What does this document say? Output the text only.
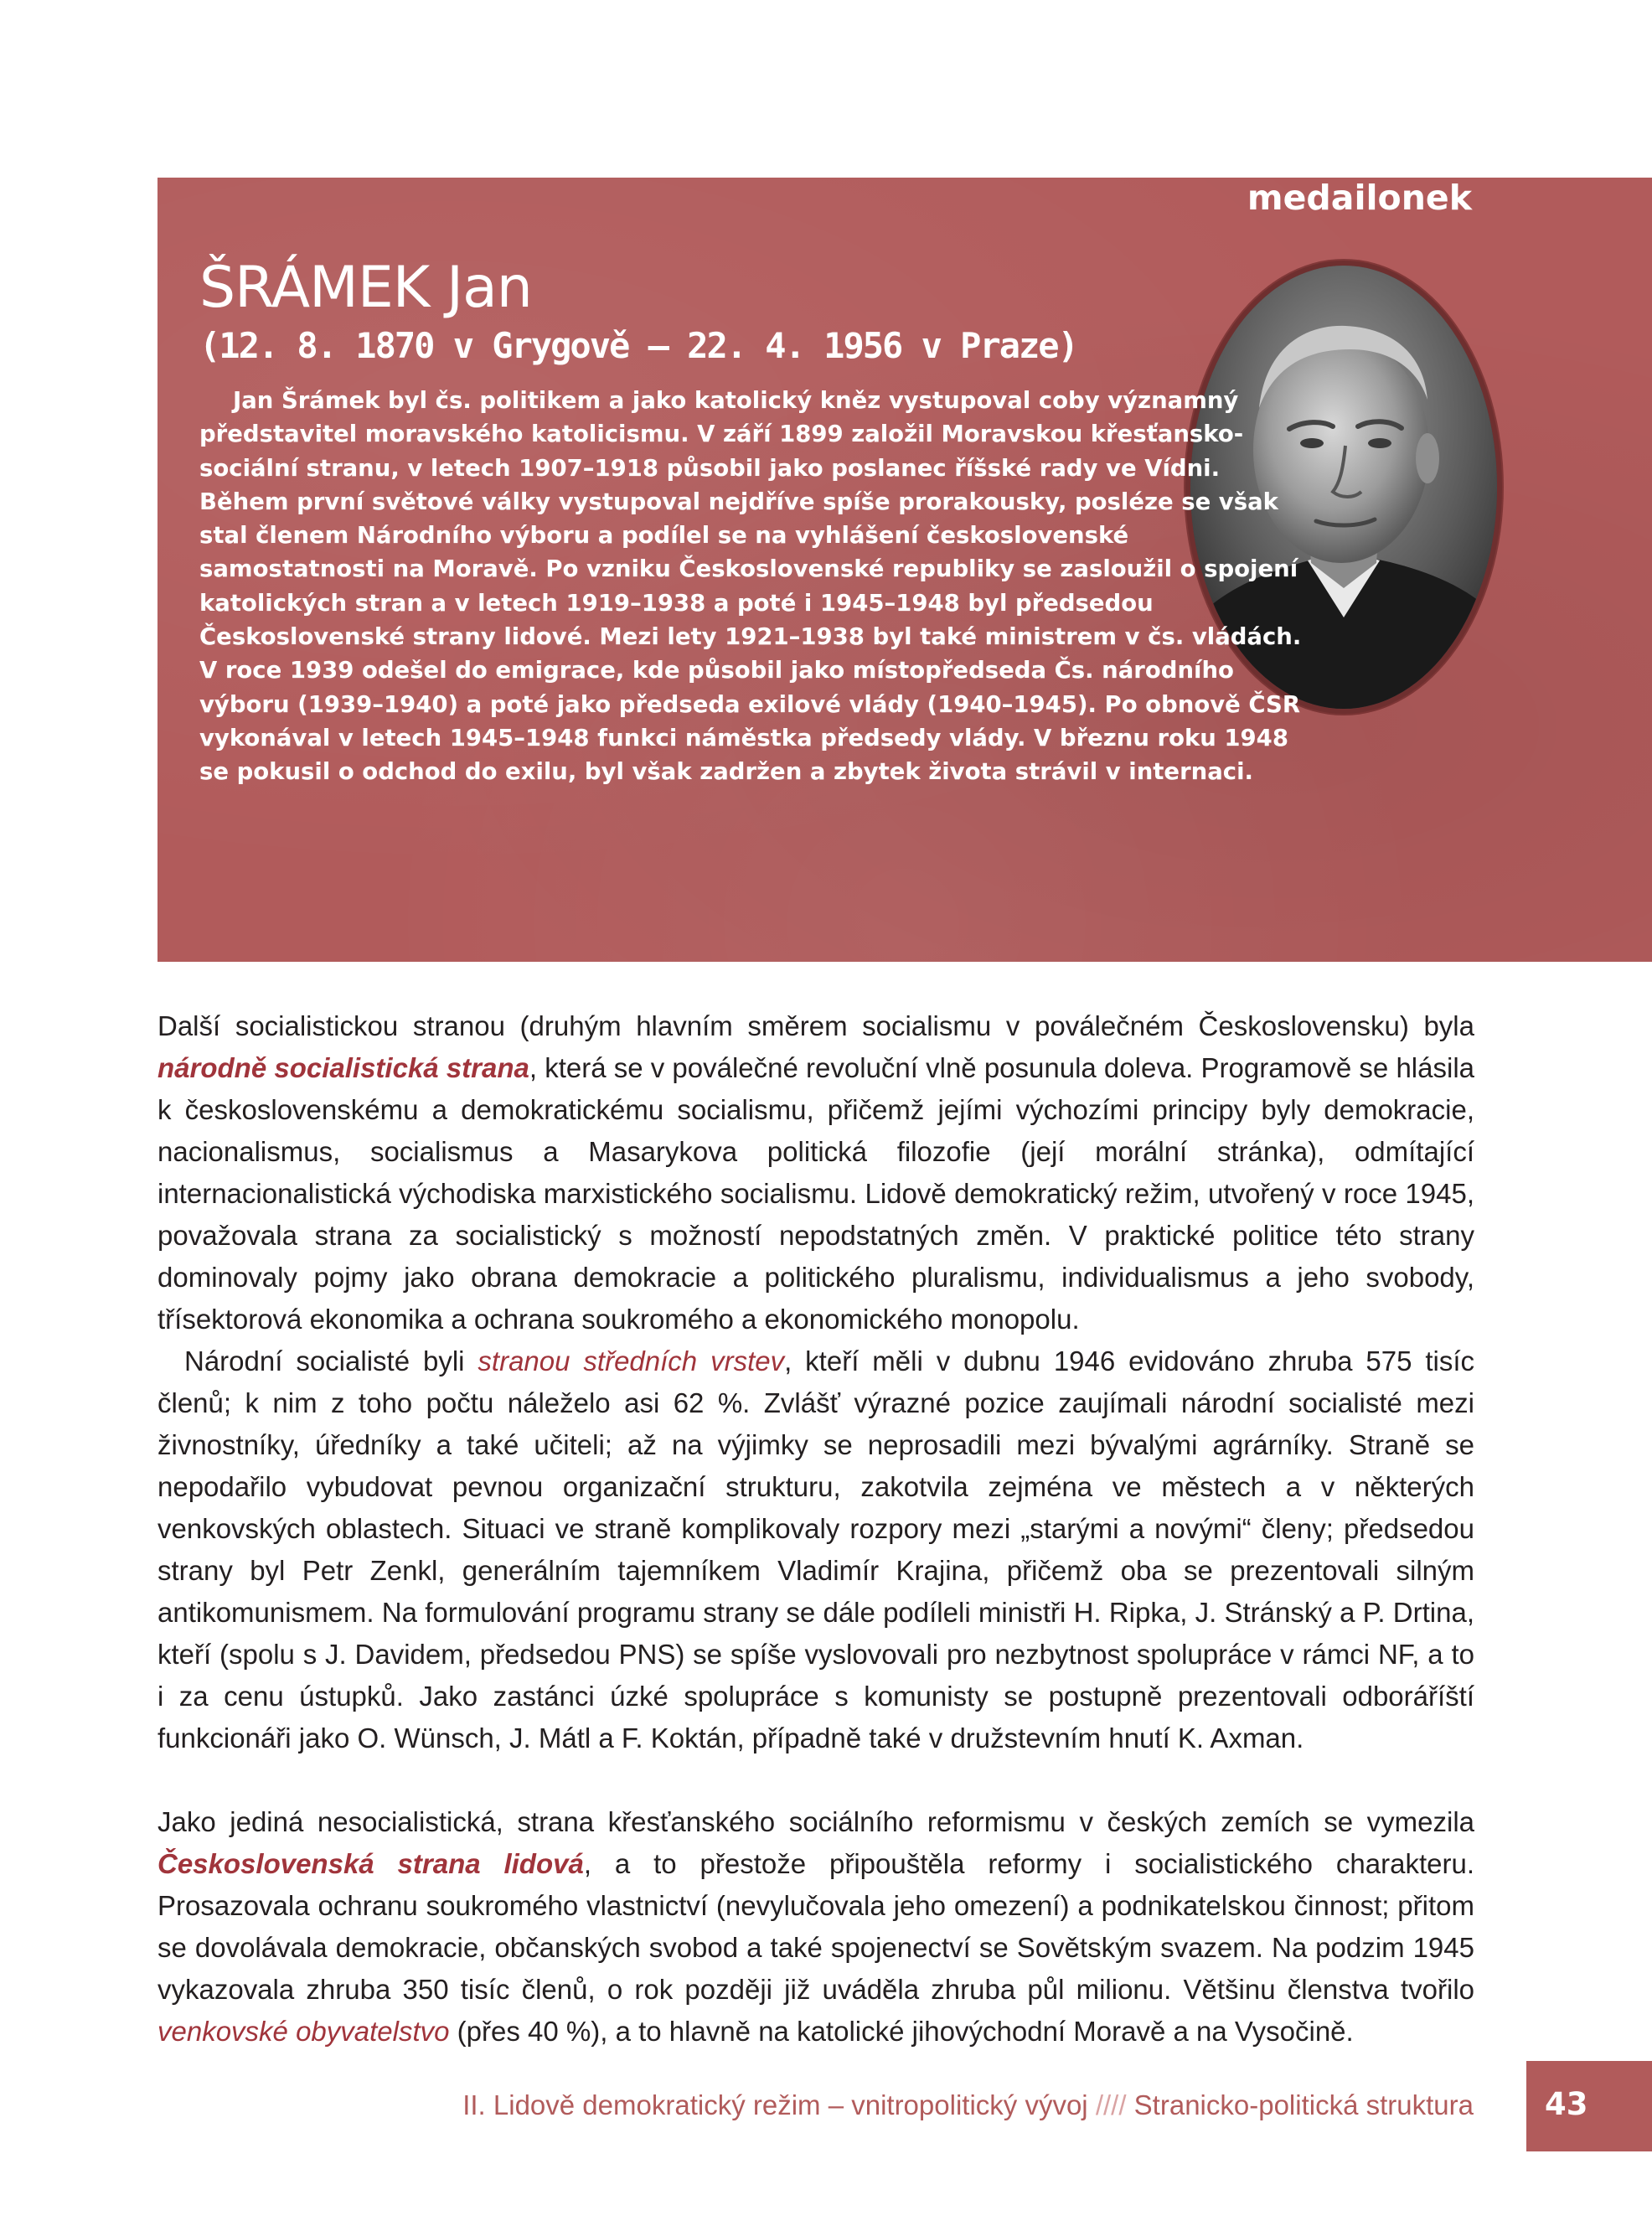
medailonek

ŠRÁMEK Jan
(12. 8. 1870 v Grygově – 22. 4. 1956 v Praze)

Jan Šrámek byl čs. politikem a jako katolický kněz vystupoval coby významný představitel moravského katolicismu. V září 1899 založil Moravskou křesťansko-sociální stranu, v letech 1907–1918 působil jako poslanec říšské rady ve Vídni. Během první světové války vystupoval nejdříve spíše prorakousky, posléze se však stal členem Národního výboru a podílel se na vyhlášení československé samostatnosti na Moravě. Po vzniku Československé republiky se zasloužil o spojení katolických stran a v letech 1919–1938 a poté i 1945–1948 byl předsedou Československé strany lidové. Mezi lety 1921–1938 byl také ministrem v čs. vládách. V roce 1939 odešel do emigrace, kde působil jako místopředseda Čs. národního výboru (1939–1940) a poté jako předseda exilové vlády (1940–1945). Po obnově ČSR vykonával v letech 1945–1948 funkci náměstka předsedy vlády. V březnu roku 1948 se pokusil o odchod do exilu, byl však zadržen a zbytek života strávil v internaci.

Další socialistickou stranou (druhým hlavním směrem socialismu v poválečném Československu) byla národně socialistická strana, která se v poválečné revoluční vlně posunula doleva. Programově se hlásila k československému a demokratickému socialismu, přičemž jejími výchozími principy byly demokracie, nacionalismus, socialismus a Masarykova politická filozofie (její morální stránka), odmítající internacionalistická východiska marxistického socialismu. Lidově demokratický režim, utvořený v roce 1945, považovala strana za socialistický s možností nepodstatných změn. V praktické politice této strany dominovaly pojmy jako obrana demokracie a politického pluralismu, individualismus a jeho svobody, třísektorová ekonomika a ochrana soukromého a ekonomického monopolu.

Národní socialisté byli stranou středních vrstev, kteří měli v dubnu 1946 evidováno zhruba 575 tisíc členů; k nim z toho počtu náleželo asi 62 %. Zvlášť výrazné pozice zaujímali národní socialisté mezi živnostníky, úředníky a také učiteli; až na výjimky se neprosadili mezi bývalými agrárníky. Straně se nepodařilo vybudovat pevnou organizační strukturu, zakotvila zejména ve městech a v některých venkovských oblastech. Situaci ve straně komplikovaly rozpory mezi „starými a novými“ členy; předsedou strany byl Petr Zenkl, generálním tajemníkem Vladimír Krajina, přičemž oba se prezentovali silným antikomunismem. Na formulování programu strany se dále podíleli ministři H. Ripka, J. Stránský a P. Drtina, kteří (spolu s J. Davidem, předsedou PNS) se spíše vyslovovali pro nezbytnost spolupráce v rámci NF, a to i za cenu ústupků. Jako zastánci úzké spolupráce s komunisty se postupně prezentovali odboráříští funkcionáři jako O. Wünsch, J. Mátl a F. Koktán, případně také v družstevním hnutí K. Axman.

Jako jediná nesocialistická, strana křesťanského sociálního reformismu v českých zemích se vymezila Československá strana lidová, a to přestože připouštěla reformy i socialistického charakteru. Prosazovala ochranu soukromého vlastnictví (nevylučovala jeho omezení) a podnikatelskou činnost; přitom se dovolávala demokracie, občanských svobod a také spojenectví se Sovětským svazem. Na podzim 1945 vykazovala zhruba 350 tisíc členů, o rok později již uváděla zhruba půl milionu. Většinu členstva tvořilo venkovské obyvatelstvo (přes 40 %), a to hlavně na katolické jihovýchodní Moravě a na Vysočině.

II. Lidově demokratický režim – vnitropolitický vývoj //// Stranicko-politická struktura 43
